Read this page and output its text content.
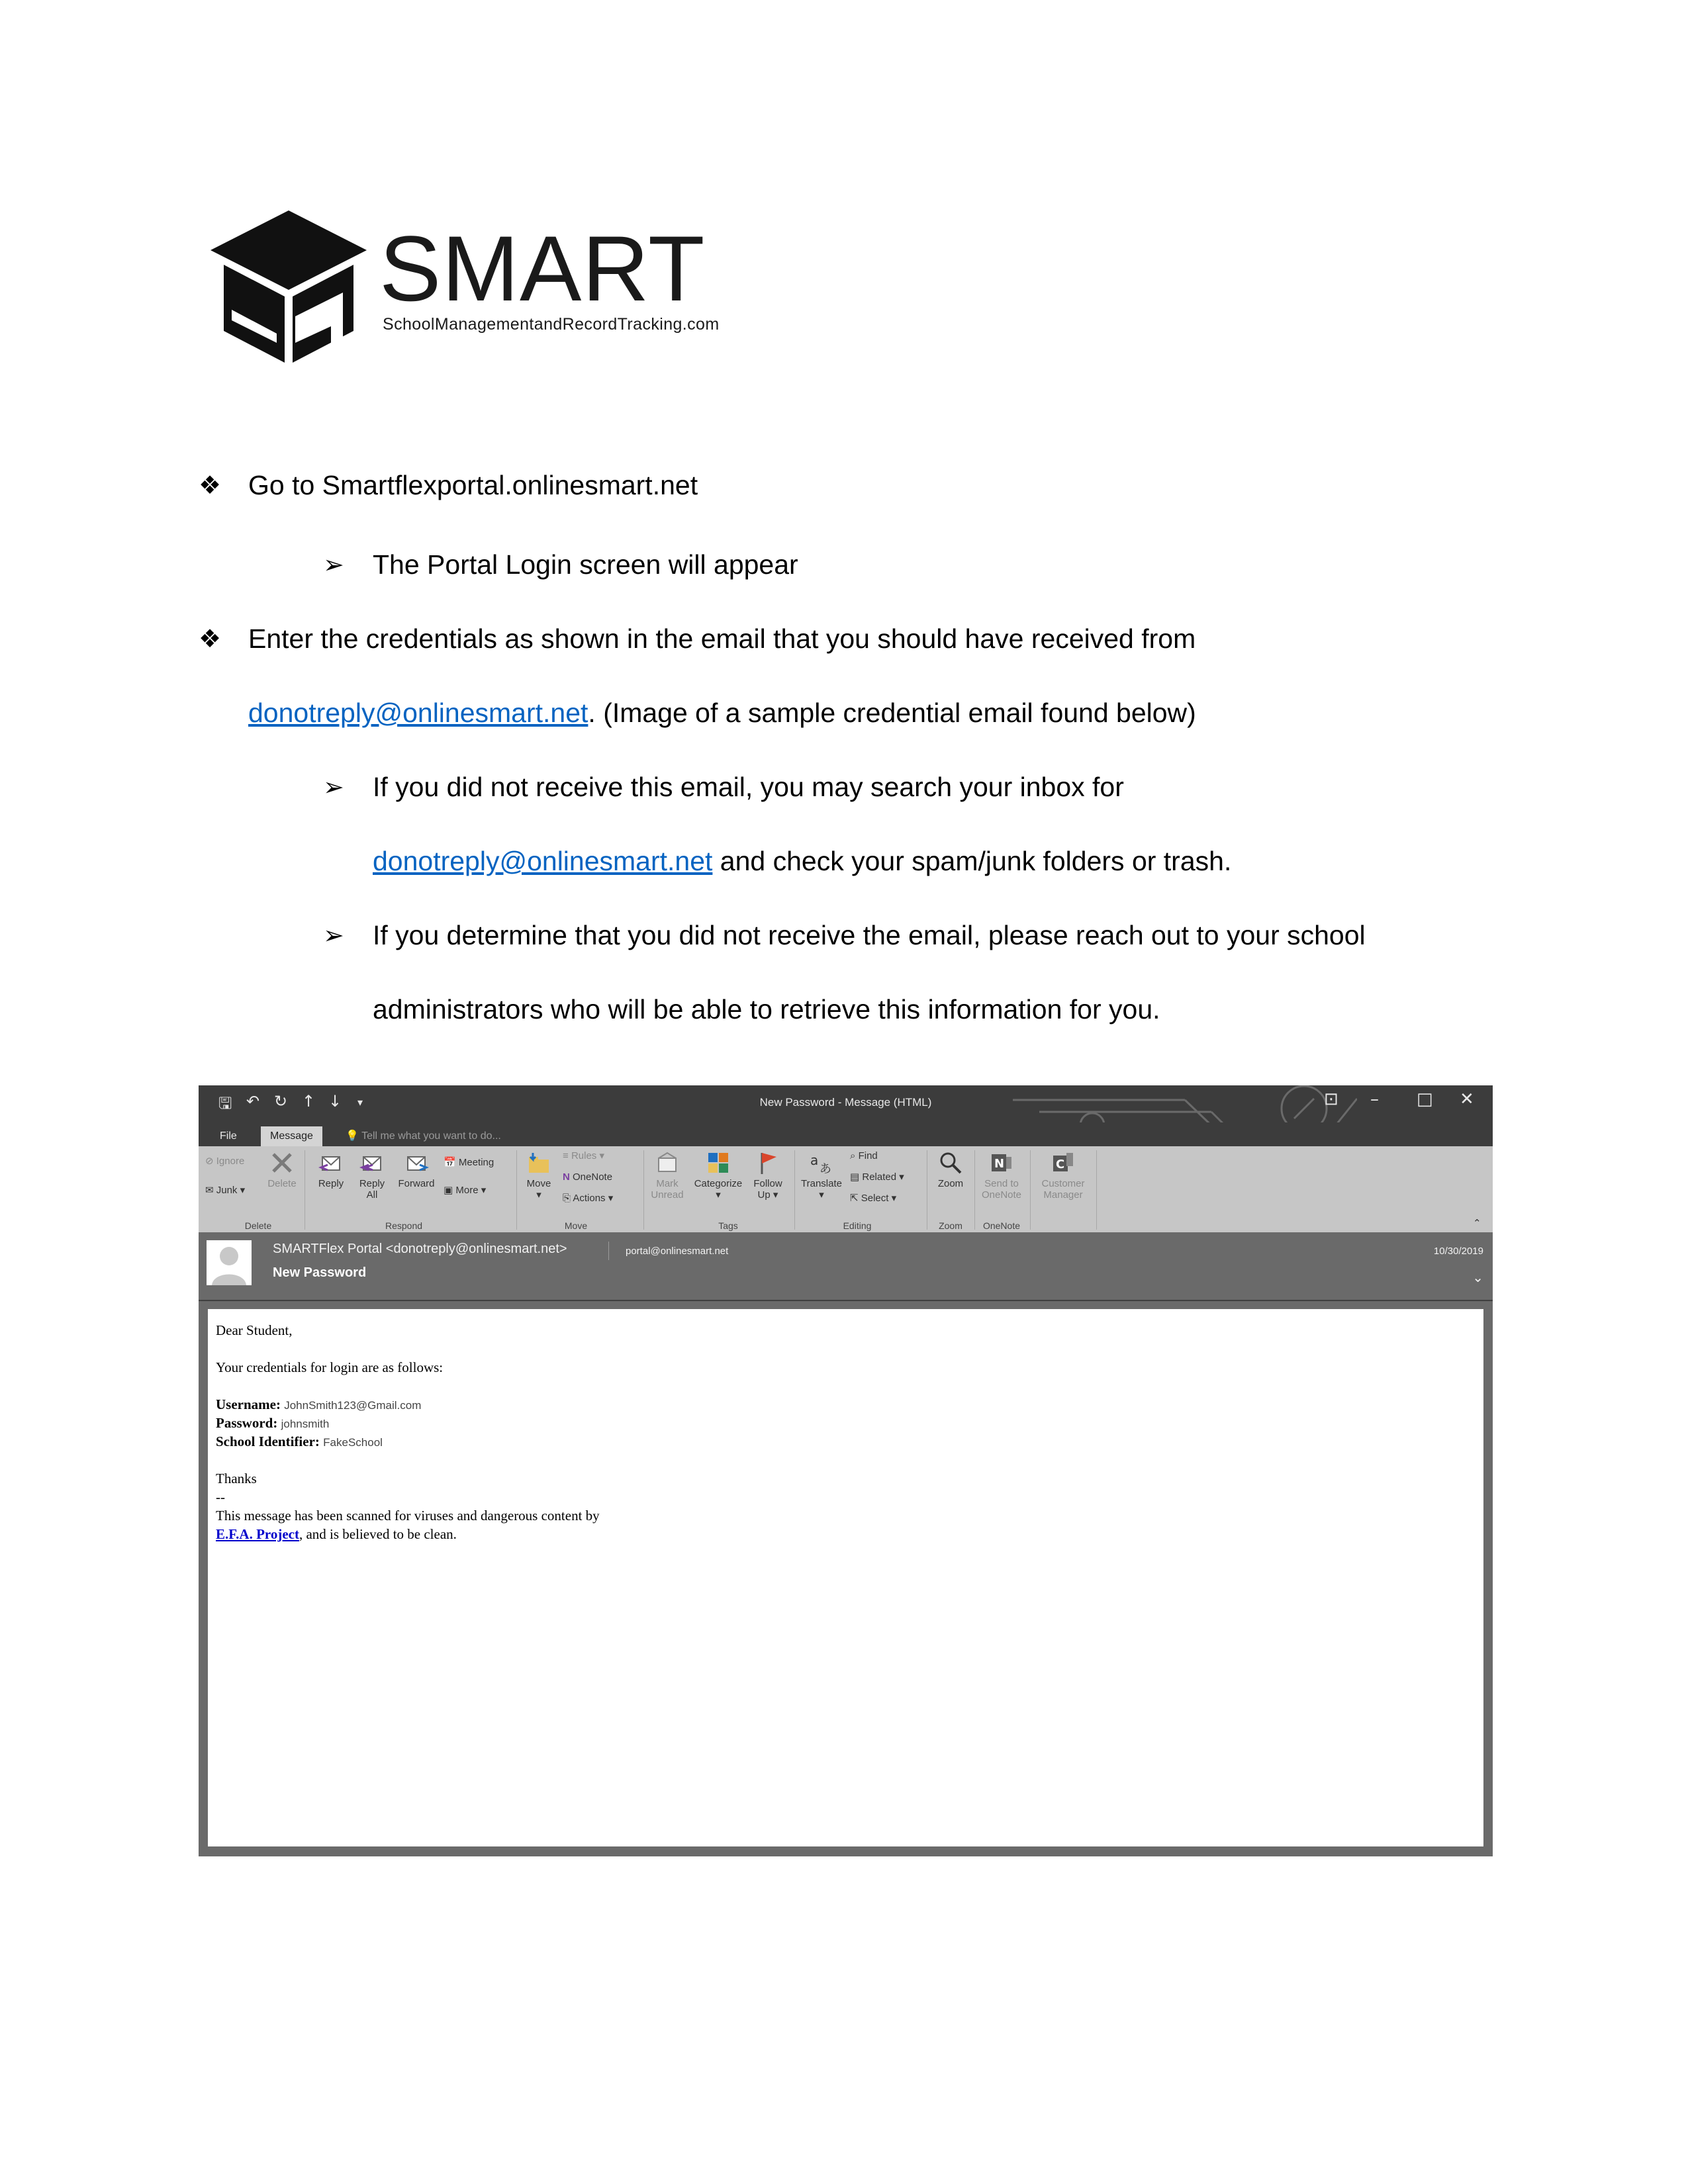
SMART
SchoolManagementandRecordTracking.com
❖ Go to Smartflexportal.onlinesmart.net
➢ The Portal Login screen will appear
❖ Enter the credentials as shown in the email that you should have received from
donotreply@onlinesmart.net. (Image of a sample credential email found below)
➢ If you did not receive this email, you may search your inbox for
donotreply@onlinesmart.net and check your spam/junk folders or trash.
➢ If you determine that you did not receive the email, please reach out to your school
administrators who will be able to retrieve this information for you.
🖫 ↶ ↻ ↑ ↓ ▾	New Password - Message (HTML)	⊡ – □ ✕
File	Message	💡 Tell me what you want to do...
⊘ Ignore
✉ Junk ▾
Delete
Delete
Reply	Reply
All
Forward
📅 Meeting
▣ More ▾
Respond
Move
▾
≡ Rules ▾
N OneNote
⎘ Actions ▾
Move
Mark
Unread
Categorize
▾
Follow
Up ▾
Tags
a
あ
Translate
▾
⌕ Find
▤ Related ▾
⇱ Select ▾
Editing
Zoom
Zoom
N
Send to
OneNote
OneNote
C
Customer
Manager
⌃
SMARTFlex Portal <donotreply@onlinesmart.net>	portal@onlinesmart.net
New Password
10/30/2019
⌄
Dear Student,
Your credentials for login are as follows:
Username: JohnSmith123@Gmail.com
Password: johnsmith
School Identifier: FakeSchool
Thanks
--
This message has been scanned for viruses and dangerous content by
E.F.A. Project, and is believed to be clean.
